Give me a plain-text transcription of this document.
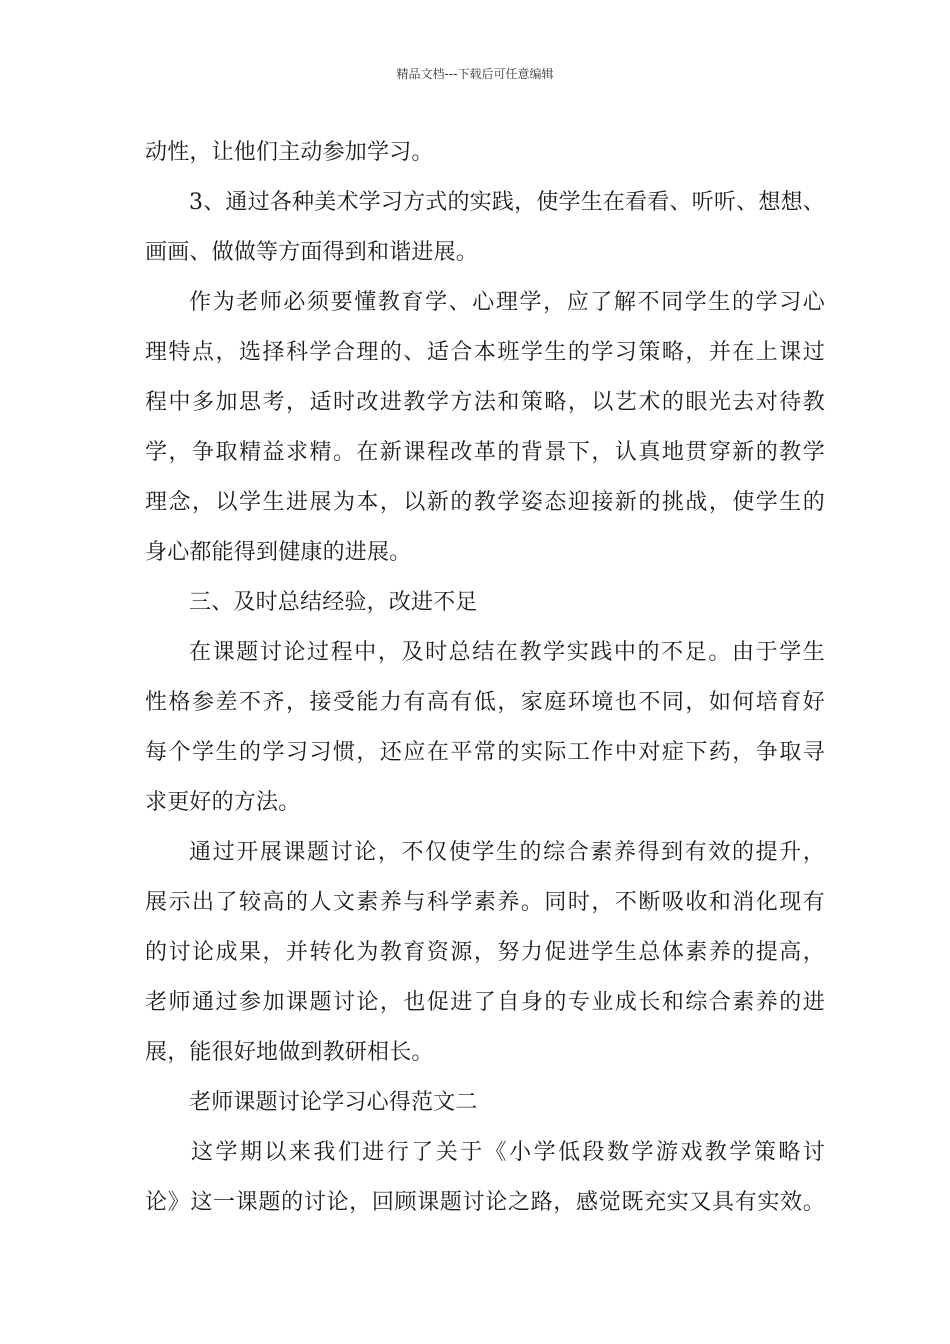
精品文档---下载后可任意编辑
动性，让他们主动参加学习。
3、通过各种美术学习方式的实践，使学生在看看、听听、想想、
画画、做做等方面得到和谐进展。
作为老师必须要懂教育学、心理学，应了解不同学生的学习心
理特点，选择科学合理的、适合本班学生的学习策略，并在上课过
程中多加思考，适时改进教学方法和策略，以艺术的眼光去对待教
学，争取精益求精。在新课程改革的背景下，认真地贯穿新的教学
理念，以学生进展为本，以新的教学姿态迎接新的挑战，使学生的
身心都能得到健康的进展。
三、及时总结经验，改进不足
在课题讨论过程中，及时总结在教学实践中的不足。由于学生
性格参差不齐，接受能力有高有低，家庭环境也不同，如何培育好
每个学生的学习习惯，还应在平常的实际工作中对症下药，争取寻
求更好的方法。
通过开展课题讨论，不仅使学生的综合素养得到有效的提升，
展示出了较高的人文素养与科学素养。同时，不断吸收和消化现有
的讨论成果，并转化为教育资源，努力促进学生总体素养的提高，
老师通过参加课题讨论，也促进了自身的专业成长和综合素养的进
展，能很好地做到教研相长。
老师课题讨论学习心得范文二
这学期以来我们进行了关于《小学低段数学游戏教学策略讨
论》这一课题的讨论，回顾课题讨论之路，感觉既充实又具有实效。
